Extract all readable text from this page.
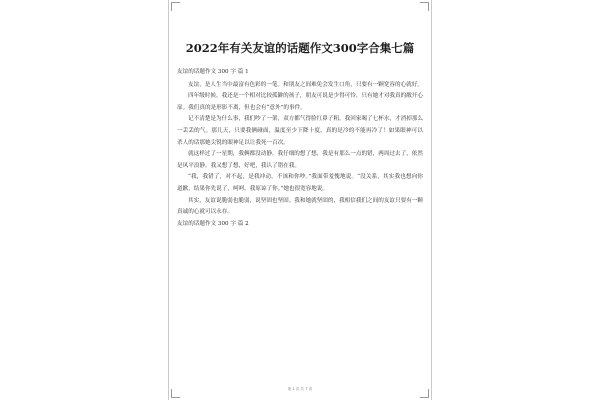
2022年有关友谊的话题作文300字合集七篇

友谊的话题作文 300 字 篇 1

友谊，是人生当中最富有色彩的一笔。和朋友之间难免会发生口角，只要有一颗宽容的心就好。

四年级时候，我还是一个相对比较孤僻的孩子，朋友可说是少得可怜，只有她才对我真的敞开心扉。我们真的是形影不离，但也会有“意外”的事件。

记不清楚是为什么事，我们吵了一架，双方都气得脸红鼻子粗。我回家喝了七杯水，才消掉那么一丢丢的气。那几天，只要我俩碰面，温度至少下降十度，真的是冷的不能再冷了！如果眼神可以杀人的话那她尖锐的眼神足以让我死一百次。

就这样过了一星期，我俩都没动静。我仔细的想了想，我是有那么一点的错，两周过去了，依然是风平浪静。我又想了想，好吧，我认了错在我。

“我，我错了，对不起，是我冲动，不该和你吵。”我面带羞愧地说。“没关系，其实我也想向你道歉，结果你先说了，呵呵，我原谅了你。”她也很宽容地说。

其实，友谊说脆弱也脆弱，说坚固也坚固。我和她就坚固的，我相信我们之间的友谊只要有一颗真诚的心就可以永存。

友谊的话题作文 300 字 篇 2

第 1 页 共 7 页
